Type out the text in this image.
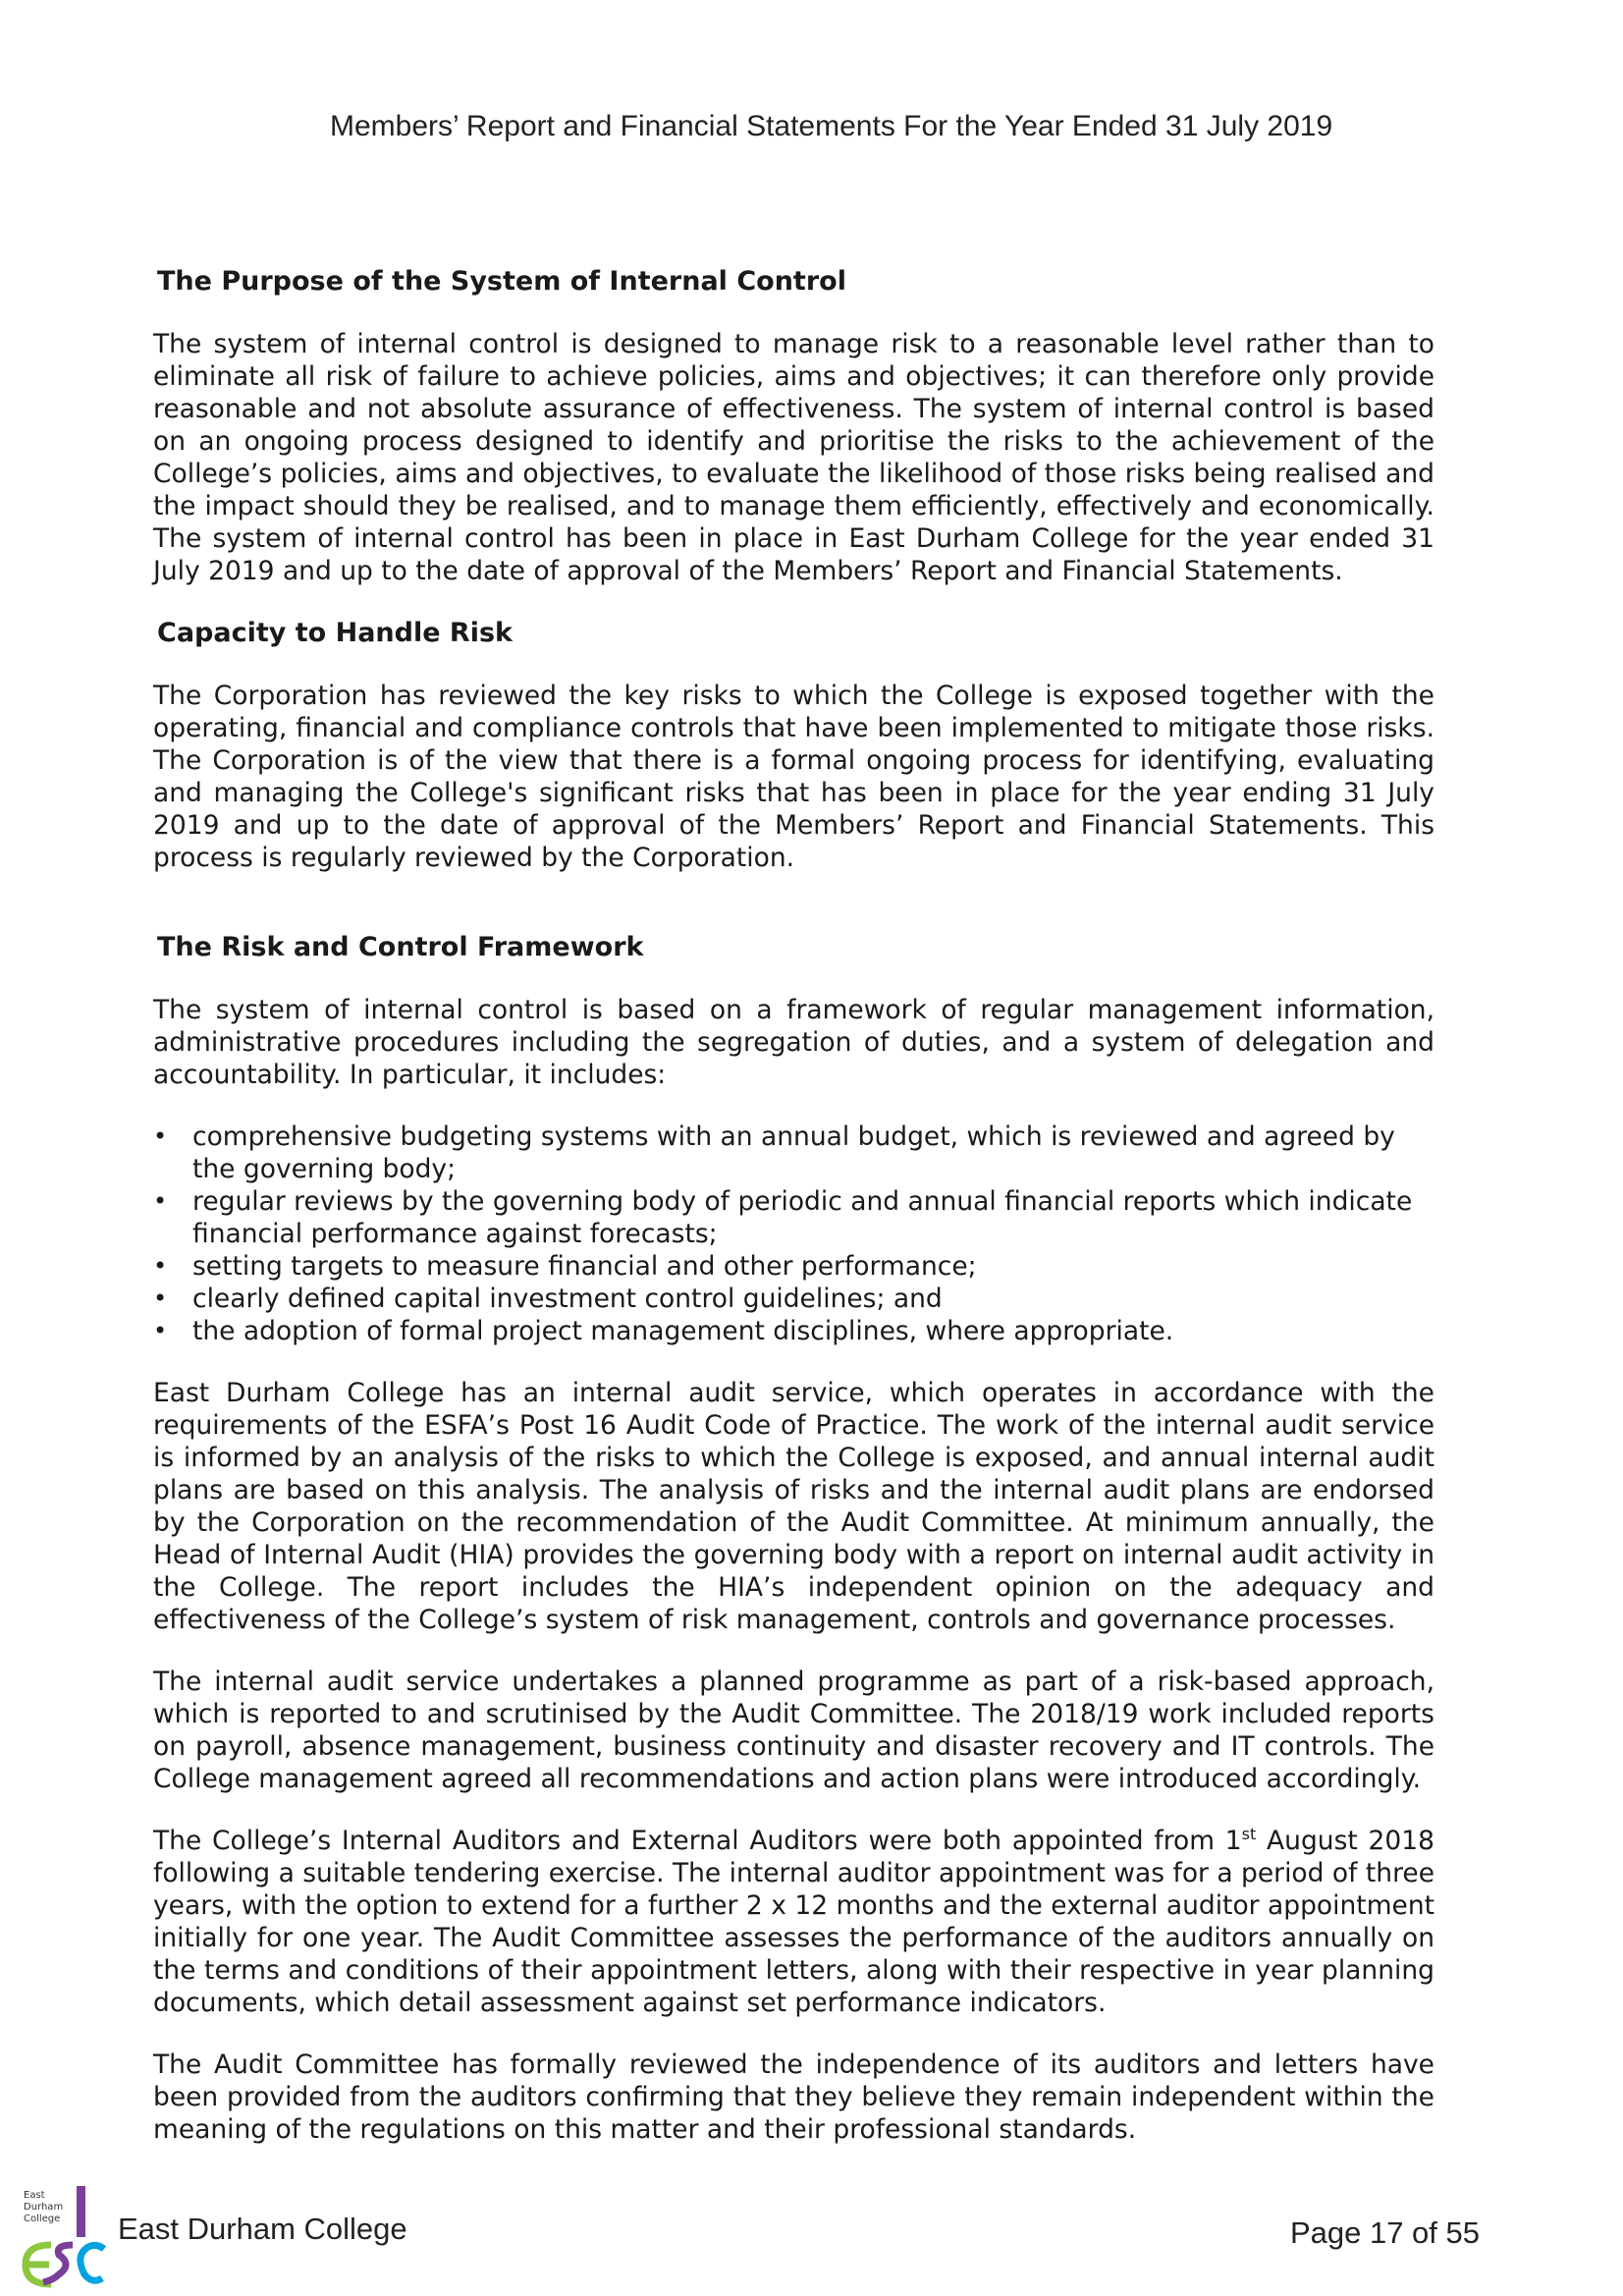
Members’ Report and Financial Statements For the Year Ended 31 July 2019
The Purpose of the System of Internal Control

The system of internal control is designed to manage risk to a reasonable level rather than to eliminate all risk of failure to achieve policies, aims and objectives; it can therefore only provide reasonable and not absolute assurance of effectiveness. The system of internal control is based on an ongoing process designed to identify and prioritise the risks to the achievement of the College’s policies, aims and objectives, to evaluate the likelihood of those risks being realised and the impact should they be realised, and to manage them efficiently, effectively and economically. The system of internal control has been in place in East Durham College for the year ended 31 July 2019 and up to the date of approval of the Members’ Report and Financial Statements.

Capacity to Handle Risk

The Corporation has reviewed the key risks to which the College is exposed together with the operating, financial and compliance controls that have been implemented to mitigate those risks. The Corporation is of the view that there is a formal ongoing process for identifying, evaluating and managing the College's significant risks that has been in place for the year ending 31 July 2019 and up to the date of approval of the Members’ Report and Financial Statements. This process is regularly reviewed by the Corporation.

The Risk and Control Framework

The system of internal control is based on a framework of regular management information, administrative procedures including the segregation of duties, and a system of delegation and accountability. In particular, it includes:

• comprehensive budgeting systems with an annual budget, which is reviewed and agreed by the governing body;
• regular reviews by the governing body of periodic and annual financial reports which indicate financial performance against forecasts;
• setting targets to measure financial and other performance;
• clearly defined capital investment control guidelines; and
• the adoption of formal project management disciplines, where appropriate.

East Durham College has an internal audit service, which operates in accordance with the requirements of the ESFA’s Post 16 Audit Code of Practice. The work of the internal audit service is informed by an analysis of the risks to which the College is exposed, and annual internal audit plans are based on this analysis. The analysis of risks and the internal audit plans are endorsed by the Corporation on the recommendation of the Audit Committee. At minimum annually, the Head of Internal Audit (HIA) provides the governing body with a report on internal audit activity in the College. The report includes the HIA’s independent opinion on the adequacy and effectiveness of the College’s system of risk management, controls and governance processes.

The internal audit service undertakes a planned programme as part of a risk-based approach, which is reported to and scrutinised by the Audit Committee. The 2018/19 work included reports on payroll, absence management, business continuity and disaster recovery and IT controls. The College management agreed all recommendations and action plans were introduced accordingly.

The College’s Internal Auditors and External Auditors were both appointed from 1st August 2018 following a suitable tendering exercise. The internal auditor appointment was for a period of three years, with the option to extend for a further 2 x 12 months and the external auditor appointment initially for one year. The Audit Committee assesses the performance of the auditors annually on the terms and conditions of their appointment letters, along with their respective in year planning documents, which detail assessment against set performance indicators.

The Audit Committee has formally reviewed the independence of its auditors and letters have been provided from the auditors confirming that they believe they remain independent within the meaning of the regulations on this matter and their professional standards.

East
Durham
College East Durham College	Page 17 of 55
